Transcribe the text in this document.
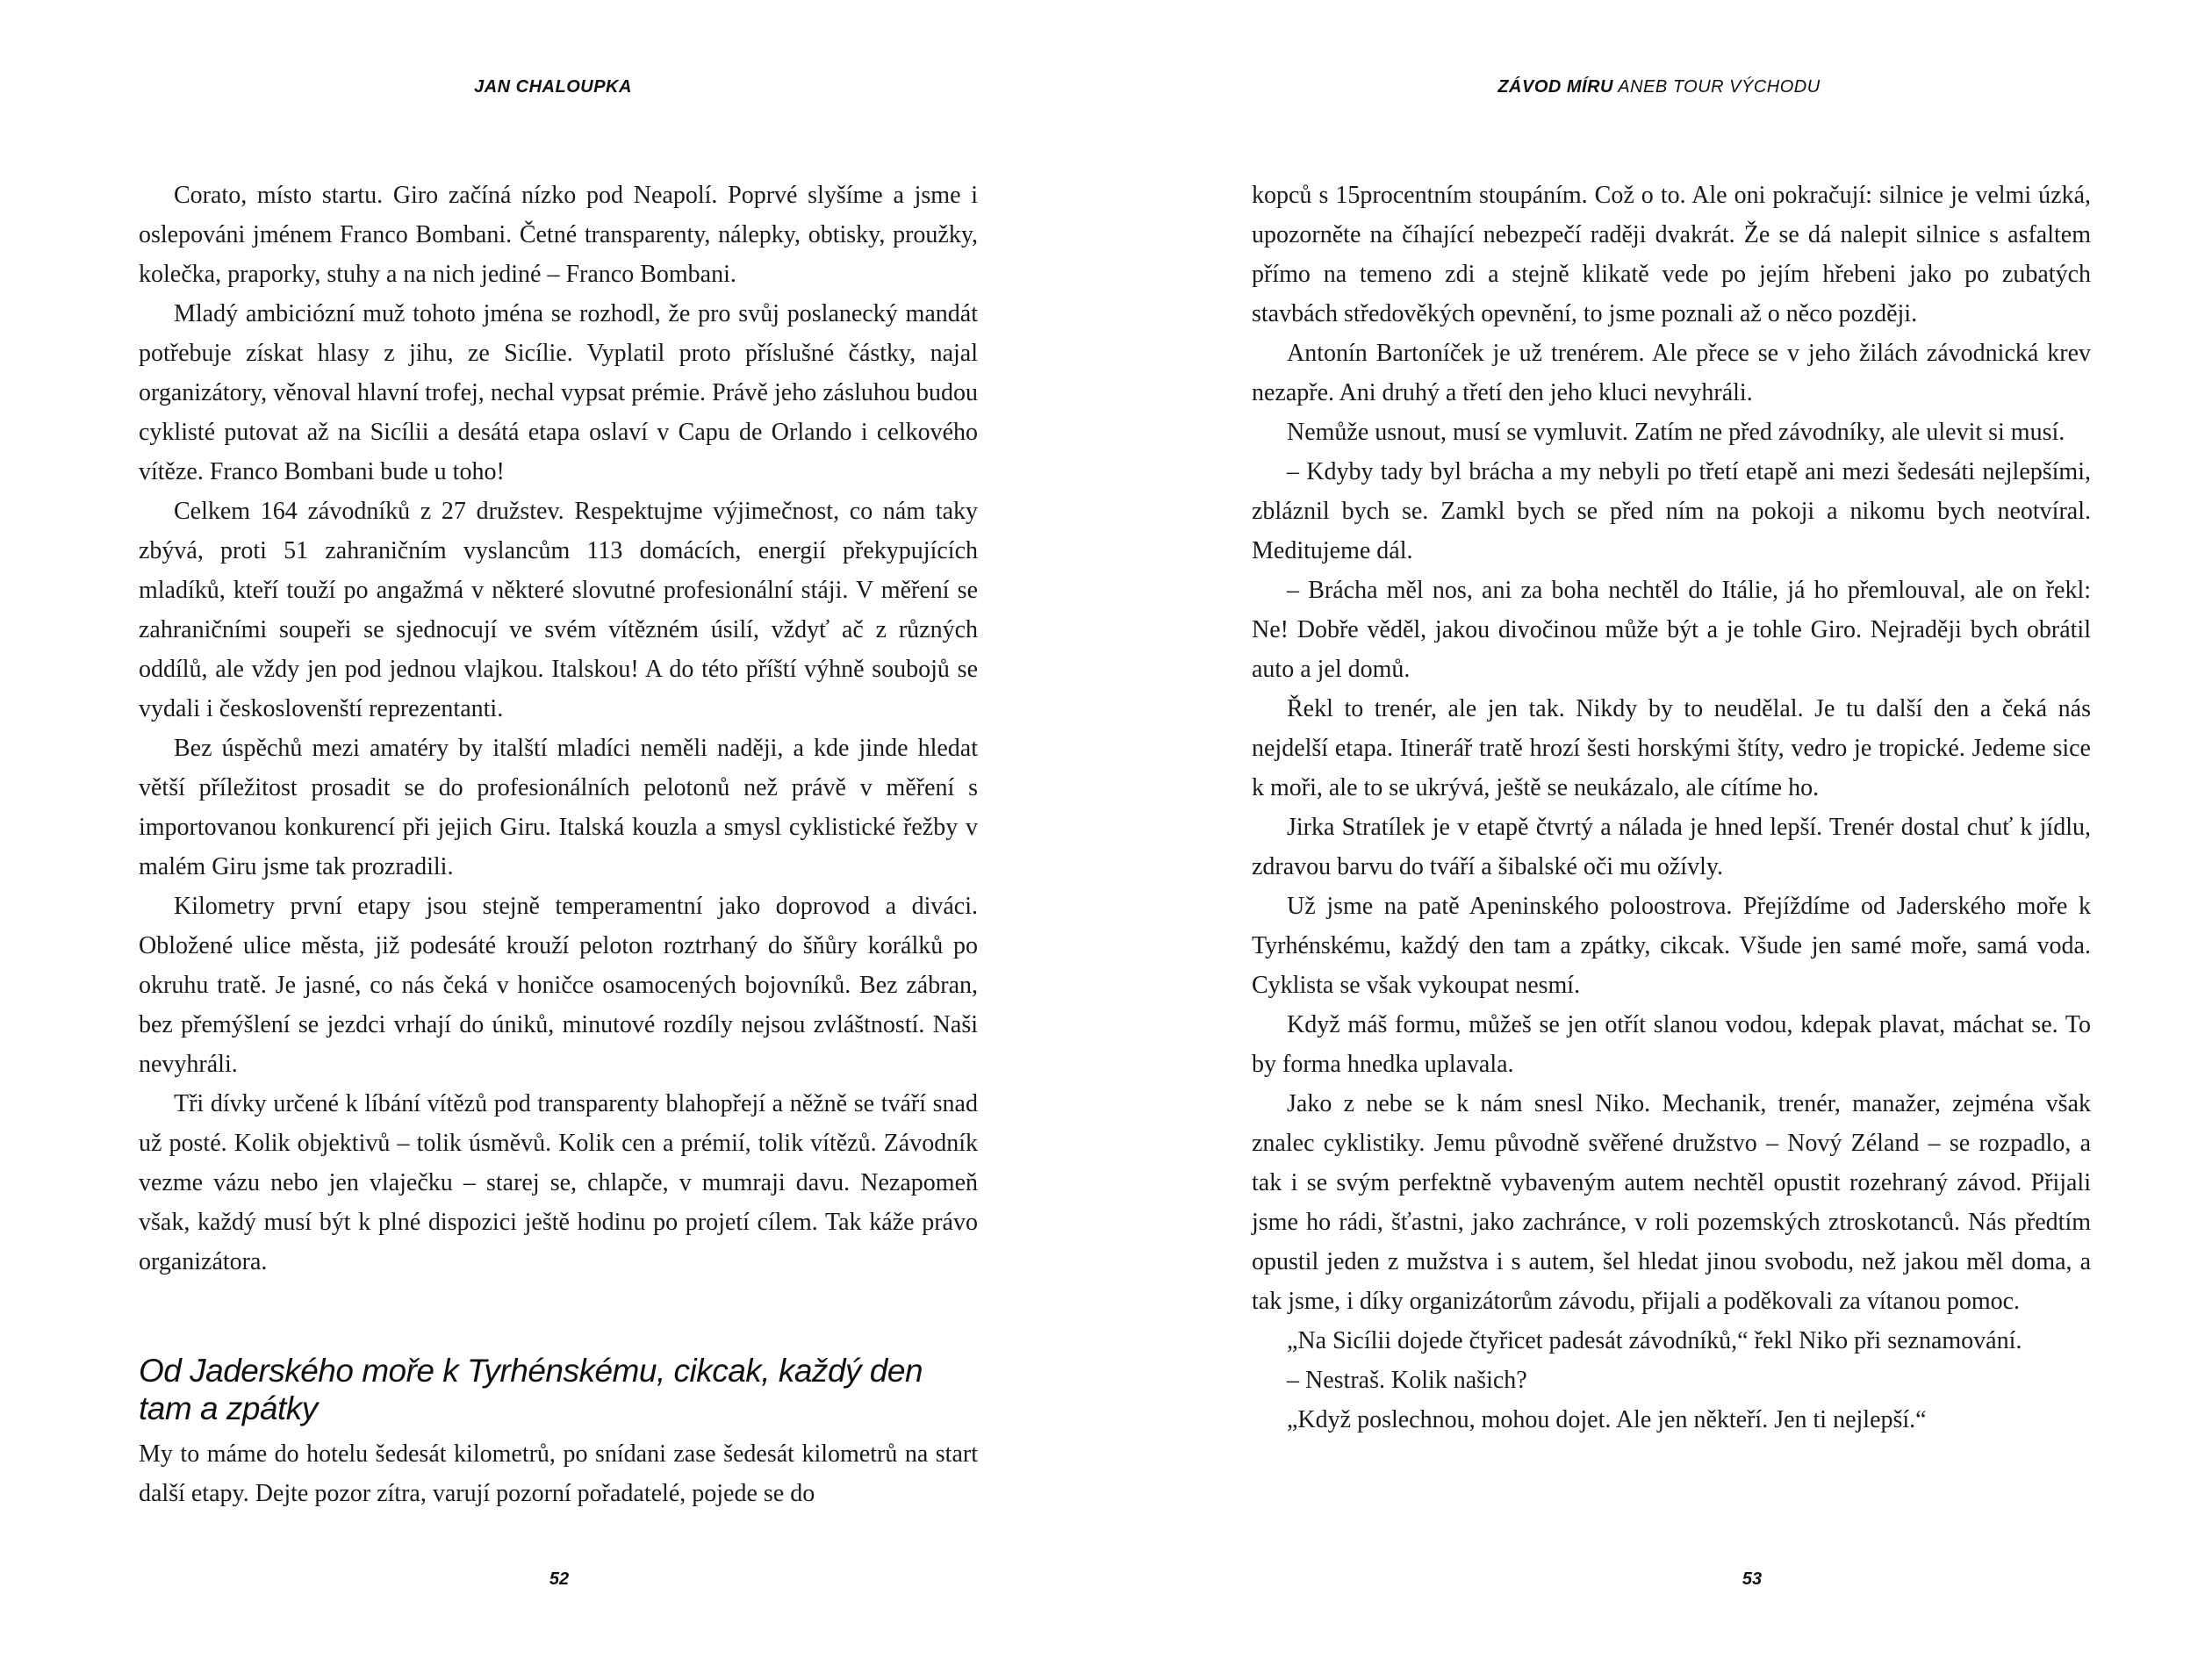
JAN CHALOUPKA

Corato, místo startu. Giro začíná nízko pod Neapolí. Poprvé slyšíme a jsme i oslepováni jménem Franco Bombani. Četné transparenty, nálepky, obtisky, proužky, kolečka, praporky, stuhy a na nich jediné – Franco Bombani.

Mladý ambiciózní muž tohoto jména se rozhodl, že pro svůj poslanecký mandát potřebuje získat hlasy z jihu, ze Sicílie. Vyplatil proto příslušné částky, najal organizátory, věnoval hlavní trofej, nechal vypsat prémie. Právě jeho zásluhou budou cyklisté putovat až na Sicílii a desátá etapa oslaví v Capu de Orlando i celkového vítěze. Franco Bombani bude u toho!

Celkem 164 závodníků z 27 družstev. Respektujme výjimečnost, co nám taky zbývá, proti 51 zahraničním vyslancům 113 domácích, energií překypujících mladíků, kteří touží po angažmá v některé slovutné profesionální stáji. V měření se zahraničními soupeři se sjednocují ve svém vítězném úsilí, vždyť ač z různých oddílů, ale vždy jen pod jednou vlajkou. Italskou! A do této příští výhně soubojů se vydali i českoslovenští reprezentanti.

Bez úspěchů mezi amatéry by italští mladíci neměli naději, a kde jinde hledat větší příležitost prosadit se do profesionálních pelotonů než právě v měření s importovanou konkurencí při jejich Giru. Italská kouzla a smysl cyklistické řežby v malém Giru jsme tak prozradili.

Kilometry první etapy jsou stejně temperamentní jako doprovod a diváci. Obložené ulice města, již podesáté krouží peloton roztrhaný do šňůry korálků po okruhu tratě. Je jasné, co nás čeká v honičce osamocených bojovníků. Bez zábran, bez přemýšlení se jezdci vrhají do úniků, minutové rozdíly nejsou zvláštností. Naši nevyhráli.

Tři dívky určené k líbání vítězů pod transparenty blahopřejí a něžně se tváří snad už posté. Kolik objektivů – tolik úsměvů. Kolik cen a prémií, tolik vítězů. Závodník vezme vázu nebo jen vlaječku – starej se, chlapče, v mumraji davu. Nezapomeň však, každý musí být k plné dispozici ještě hodinu po projetí cílem. Tak káže právo organizátora.

Od Jaderského moře k Tyrhénskému, cikcak, každý den tam a zpátky

My to máme do hotelu šedesát kilometrů, po snídani zase šedesát kilometrů na start další etapy. Dejte pozor zítra, varují pozorní pořadatelé, pojede se do

52
ZÁVOD MÍRU ANEB TOUR VÝCHODU

kopců s 15procentním stoupáním. Což o to. Ale oni pokračují: silnice je velmi úzká, upozorněte na číhající nebezpečí raději dvakrát. Že se dá nalepit silnice s asfaltem přímo na temeno zdi a stejně klikatě vede po jejím hřebeni jako po zubatých stavbách středověkých opevnění, to jsme poznali až o něco později.

Antonín Bartoníček je už trenérem. Ale přece se v jeho žilách závodnická krev nezapře. Ani druhý a třetí den jeho kluci nevyhráli.

Nemůže usnout, musí se vymluvit. Zatím ne před závodníky, ale ulevit si musí.

– Kdyby tady byl brácha a my nebyli po třetí etapě ani mezi šedesáti nejlepšími, zbláznil bych se. Zamkl bych se před ním na pokoji a nikomu bych neotvíral. Meditujeme dál.

– Brácha měl nos, ani za boha nechtěl do Itálie, já ho přemlouval, ale on řekl: Ne! Dobře věděl, jakou divočinou může být a je tohle Giro. Nejraději bych obrátil auto a jel domů.

Řekl to trenér, ale jen tak. Nikdy by to neudělal. Je tu další den a čeká nás nejdelší etapa. Itinerář tratě hrozí šesti horskými štíty, vedro je tropické. Jedeme sice k moři, ale to se ukrývá, ještě se neukázalo, ale cítíme ho.

Jirka Stratílek je v etapě čtvrtý a nálada je hned lepší. Trenér dostal chuť k jídlu, zdravou barvu do tváří a šibalské oči mu ožívly.

Už jsme na patě Apeninského poloostrova. Přejíždíme od Jaderského moře k Tyrhénskému, každý den tam a zpátky, cikcak. Všude jen samé moře, samá voda. Cyklista se však vykoupat nesmí.

Když máš formu, můžeš se jen otřít slanou vodou, kdepak plavat, máchat se. To by forma hnedka uplavala.

Jako z nebe se k nám snesl Niko. Mechanik, trenér, manažer, zejména však znalec cyklistiky. Jemu původně svěřené družstvo – Nový Zéland – se rozpadlo, a tak i se svým perfektně vybaveným autem nechtěl opustit rozehraný závod. Přijali jsme ho rádi, šťastni, jako zachránce, v roli pozemských ztroskotanců. Nás předtím opustil jeden z mužstva i s autem, šel hledat jinou svobodu, než jakou měl doma, a tak jsme, i díky organizátorům závodu, přijali a poděkovali za vítanou pomoc.

„Na Sicílii dojede čtyřicet padesát závodníků,“ řekl Niko při seznamování.

– Nestraš. Kolik našich?

„Když poslechnou, mohou dojet. Ale jen někteří. Jen ti nejlepší.“

53
